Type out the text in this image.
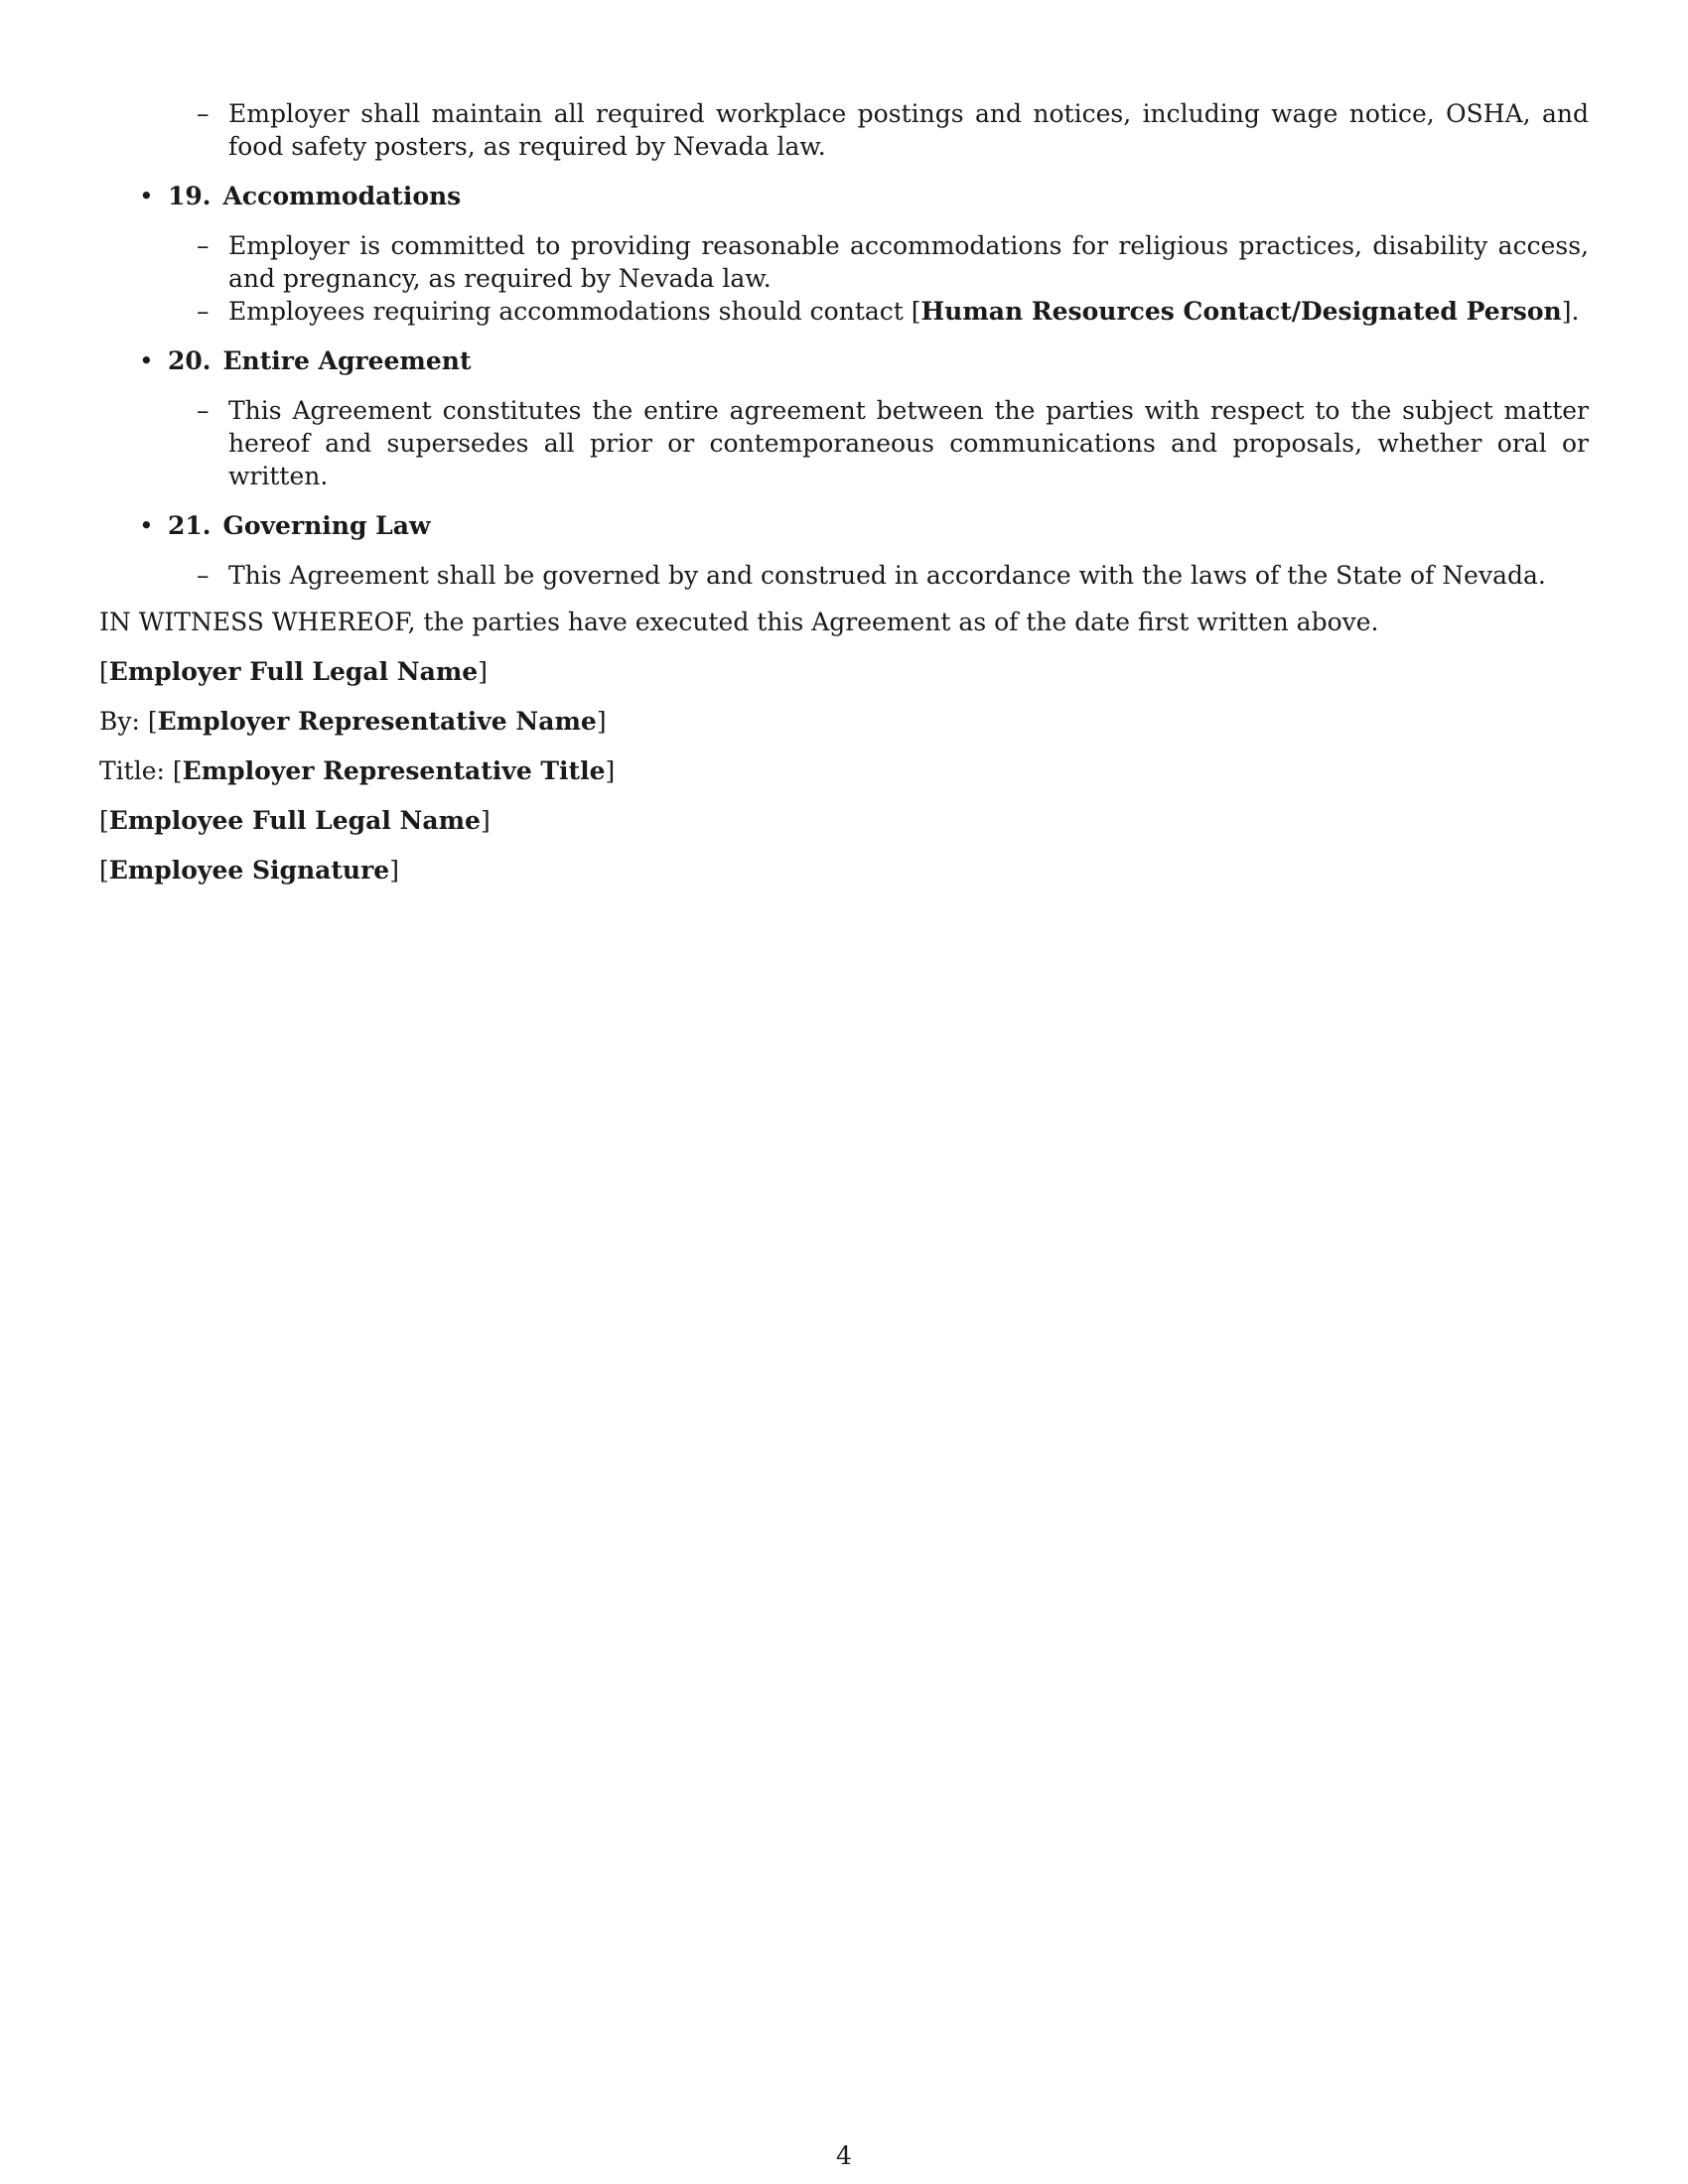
– Employer shall maintain all required workplace postings and notices, including wage notice, OSHA, and food safety posters, as required by Nevada law.
• 19. Accommodations
– Employer is committed to providing reasonable accommodations for religious practices, disability access, and pregnancy, as required by Nevada law.
– Employees requiring accommodations should contact [Human Resources Contact/Designated Person].
• 20. Entire Agreement
– This Agreement constitutes the entire agreement between the parties with respect to the subject matter hereof and supersedes all prior or contemporaneous communications and proposals, whether oral or written.
• 21. Governing Law
– This Agreement shall be governed by and construed in accordance with the laws of the State of Nevada.

IN WITNESS WHEREOF, the parties have executed this Agreement as of the date first written above.

[Employer Full Legal Name]

By: [Employer Representative Name]

Title: [Employer Representative Title]

[Employee Full Legal Name]

[Employee Signature]

4
